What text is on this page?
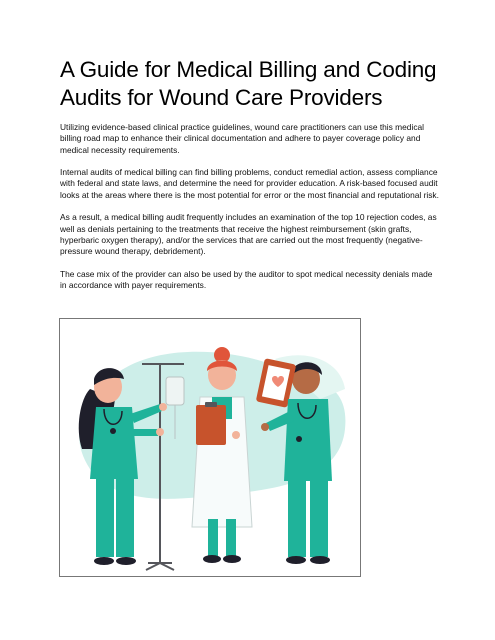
A Guide for Medical Billing and Coding Audits for Wound Care Providers

Utilizing evidence-based clinical practice guidelines, wound care practitioners can use this medical billing road map to enhance their clinical documentation and adhere to payer coverage policy and medical necessity requirements.

Internal audits of medical billing can find billing problems, conduct remedial action, assess compliance with federal and state laws, and determine the need for provider education. A risk-based focused audit looks at the areas where there is the most potential for error or the most financial and reputational risk.

As a result, a medical billing audit frequently includes an examination of the top 10 rejection codes, as well as denials pertaining to the treatments that receive the highest reimbursement (skin grafts, hyperbaric oxygen therapy), and/or the services that are carried out the most frequently (negative-pressure wound therapy, debridement).

The case mix of the provider can also be used by the auditor to spot medical necessity denials made in accordance with payer requirements.
